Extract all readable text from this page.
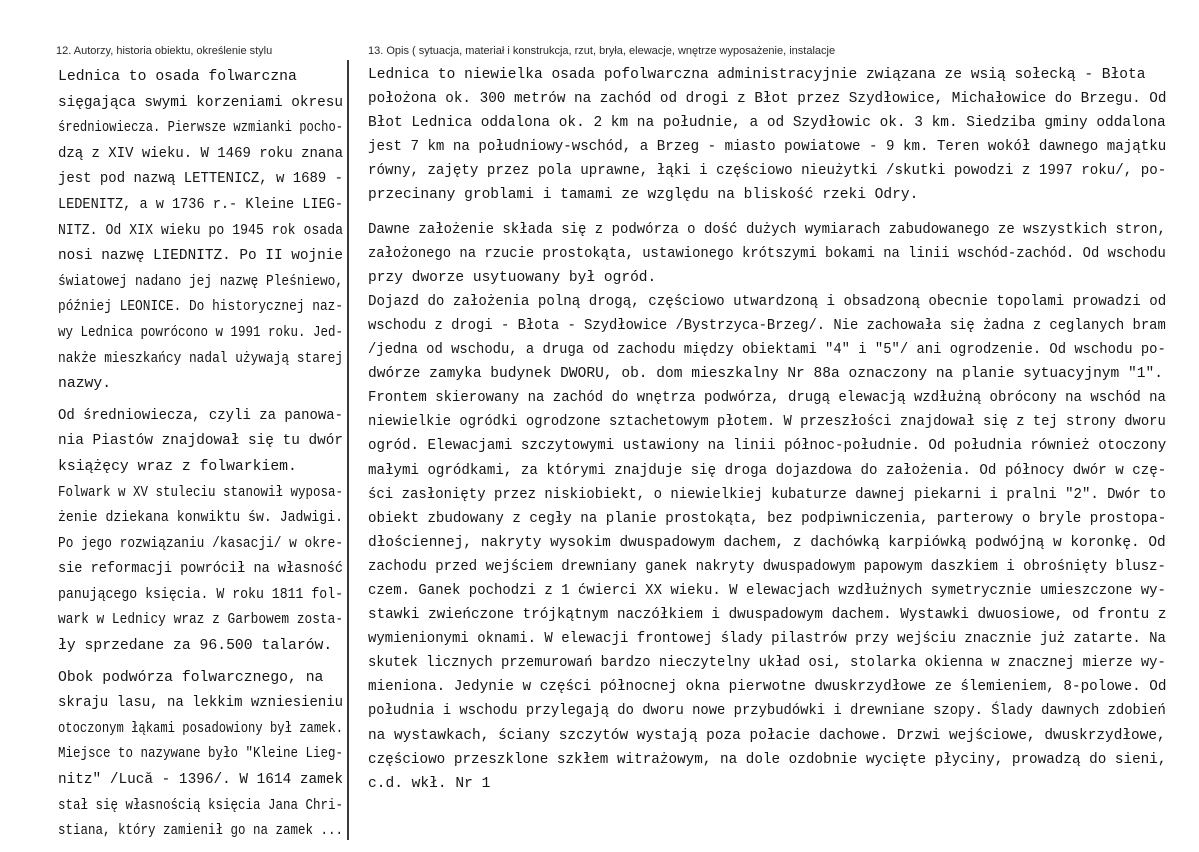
12. Autorzy, historia obiektu, określenie stylu	13. Opis ( sytuacja, materiał i konstrukcja, rzut, bryła, elewacje, wnętrze wyposażenie, instalacje
Lednica to osada folwarczna
sięgająca swymi korzeniami okresu
średniowiecza. Pierwsze wzmianki pocho-
dzą z XIV wieku. W 1469 roku znana
jest pod nazwą LETTENICZ, w 1689 -
LEDENITZ, a w 1736 r.- Kleine LIEG-
NITZ. Od XIX wieku po 1945 rok osada
nosi nazwę LIEDNITZ. Po II wojnie
światowej nadano jej nazwę Pleśniewo,
później LEONICE. Do historycznej naz-
wy Lednica powrócono w 1991 roku. Jed-
nakże mieszkańcy nadal używają starej
nazwy.
Od średniowiecza, czyli za panowa-
nia Piastów znajdował się tu dwór
książęcy wraz z folwarkiem.
Folwark w XV stuleciu stanowił wyposa-
żenie dziekana konwiktu św. Jadwigi.
Po jego rozwiązaniu /kasacji/ w okre-
sie reformacji powrócił na własność
panującego księcia. W roku 1811 fol-
wark w Lednicy wraz z Garbowem zosta-
ły sprzedane za 96.500 talarów.
Obok podwórza folwarcznego, na
skraju lasu, na lekkim wzniesieniu
otoczonym łąkami posadowiony był zamek.
Miejsce to nazywane było "Kleine Lieg-
nitz" /Lucă - 1396/. W 1614 zamek
stał się własnością księcia Jana Chri-
stiana, który zamienił go na zamek ...
Lednica to niewielka osada pofolwarczna administracyjnie związana ze wsią sołecką - Błota
położona ok. 300 metrów na zachód od drogi z Błot przez Szydłowice, Michałowice do Brzegu. Od
Błot Lednica oddalona ok. 2 km na południe, a od Szydłowic ok. 3 km. Siedziba gminy oddalona
jest 7 km na południowy-wschód, a Brzeg - miasto powiatowe - 9 km. Teren wokół dawnego majątku
równy, zajęty przez pola uprawne, łąki i częściowo nieużytki /skutki powodzi z 1997 roku/, po-
przecinany groblami i tamami ze względu na bliskość rzeki Odry.
Dawne założenie składa się z podwórza o dość dużych wymiarach zabudowanego ze wszystkich stron,
założonego na rzucie prostokąta, ustawionego krótszymi bokami na linii wschód-zachód. Od wschodu
przy dworze usytuowany był ogród.
Dojazd do założenia polną drogą, częściowo utwardzoną i obsadzoną obecnie topolami prowadzi od
wschodu z drogi - Błota - Szydłowice /Bystrzyca-Brzeg/. Nie zachowała się żadna z ceglanych bram
/jedna od wschodu, a druga od zachodu między obiektami "4" i "5"/ ani ogrodzenie. Od wschodu po-
dwórze zamyka budynek DWORU, ob. dom mieszkalny Nr 88a oznaczony na planie sytuacyjnym "1".
Frontem skierowany na zachód do wnętrza podwórza, drugą elewacją wzdłużną obrócony na wschód na
niewielkie ogródki ogrodzone sztachetowym płotem. W przeszłości znajdował się z tej strony dworu
ogród. Elewacjami szczytowymi ustawiony na linii północ-południe. Od południa również otoczony
małymi ogródkami, za którymi znajduje się droga dojazdowa do założenia. Od północy dwór w czę-
ści zasłonięty przez niskiobiekt, o niewielkiej kubaturze dawnej piekarni i pralni "2". Dwór to
obiekt zbudowany z cegły na planie prostokąta, bez podpiwniczenia, parterowy o bryle prostopa-
dłościennej, nakryty wysokim dwuspadowym dachem, z dachówką karpiówką podwójną w koronkę. Od
zachodu przed wejściem drewniany ganek nakryty dwuspadowym papowym daszkiem i obrośnięty blusz-
czem. Ganek pochodzi z 1 ćwierci XX wieku. W elewacjach wzdłużnych symetrycznie umieszczone wy-
stawki zwieńczone trójkątnym naczółkiem i dwuspadowym dachem. Wystawki dwuosiowe, od frontu z
wymienionymi oknami. W elewacji frontowej ślady pilastrów przy wejściu znacznie już zatarte. Na
skutek licznych przemurowań bardzo nieczytelny układ osi, stolarka okienna w znacznej mierze wy-
mieniona. Jedynie w części północnej okna pierwotne dwuskrzydłowe ze ślemieniem, 8-polowe. Od
południa i wschodu przylegają do dworu nowe przybudówki i drewniane szopy. Ślady dawnych zdobień
na wystawkach, ściany szczytów wystają poza połacie dachowe. Drzwi wejściowe, dwuskrzydłowe,
częściowo przeszklone szkłem witrażowym, na dole ozdobnie wycięte płyciny, prowadzą do sieni,
c.d. wkł. Nr 1
